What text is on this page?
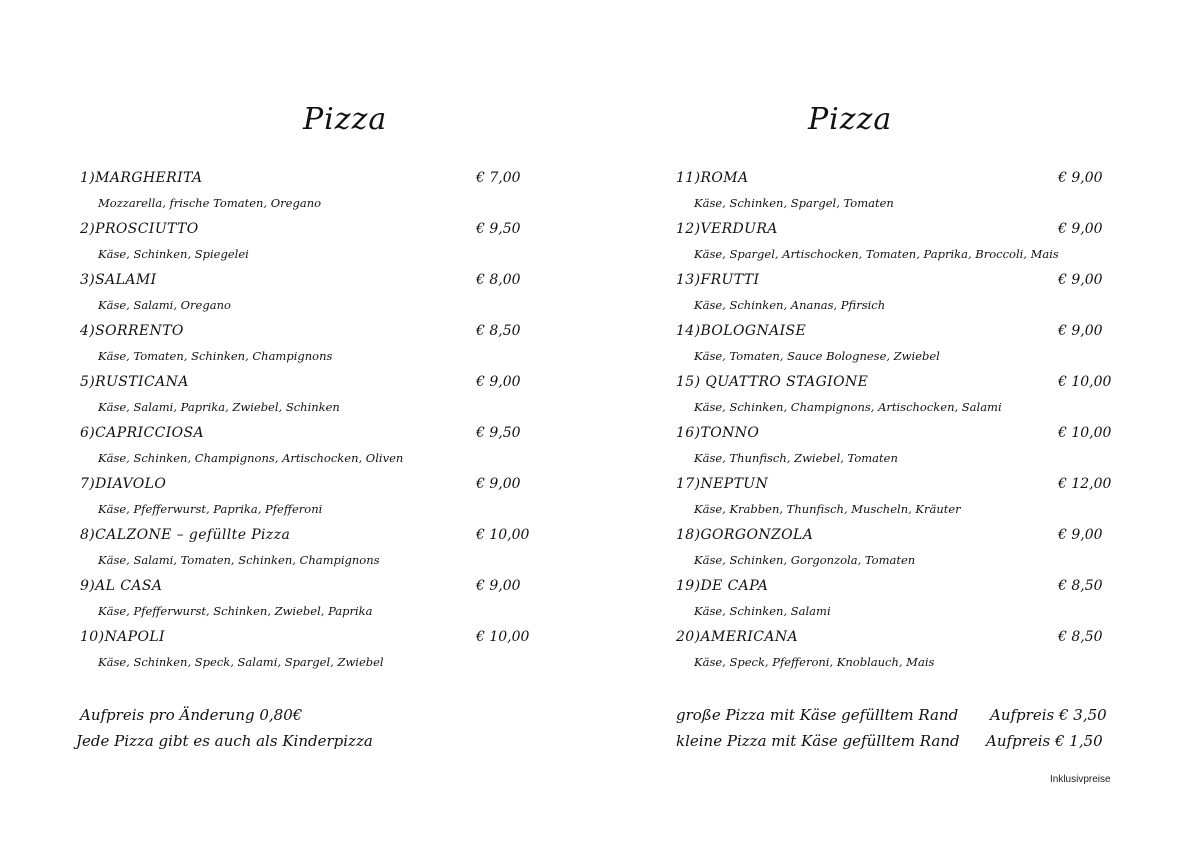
Pizza
1)MARGHERITA
Mozzarella, frische Tomaten, Oregano
€ 7,00
2)PROSCIUTTO
Käse, Schinken, Spiegelei
€ 9,50
3)SALAMI
Käse, Salami, Oregano
€ 8,00
4)SORRENTO
Käse, Tomaten, Schinken, Champignons
€ 8,50
5)RUSTICANA
Käse, Salami, Paprika, Zwiebel, Schinken
€ 9,00
6)CAPRICCIOSA
Käse, Schinken, Champignons, Artischocken, Oliven
€ 9,50
7)DIAVOLO
Käse, Pfefferwurst, Paprika, Pfefferoni
€ 9,00
8)CALZONE – gefüllte Pizza
Käse, Salami, Tomaten, Schinken, Champignons
€ 10,00
9)AL CASA
Käse, Pfefferwurst, Schinken, Zwiebel, Paprika
€ 9,00
10)NAPOLI
Käse, Schinken, Speck, Salami, Spargel, Zwiebel
€ 10,00
Aufpreis pro Änderung 0,80€
Jede Pizza gibt es auch als Kinderpizza
Pizza
11)ROMA
Käse, Schinken, Spargel, Tomaten
€ 9,00
12)VERDURA
Käse, Spargel, Artischocken, Tomaten, Paprika, Broccoli, Mais
€ 9,00
13)FRUTTI
Käse, Schinken, Ananas, Pfirsich
€ 9,00
14)BOLOGNAISE
Käse, Tomaten, Sauce Bolognese, Zwiebel
€ 9,00
15) QUATTRO STAGIONE
Käse, Schinken, Champignons, Artischocken, Salami
€ 10,00
16)TONNO
Käse, Thunfisch, Zwiebel, Tomaten
€ 10,00
17)NEPTUN
Käse, Krabben, Thunfisch, Muscheln, Kräuter
€ 12,00
18)GORGONZOLA
Käse, Schinken, Gorgonzola, Tomaten
€ 9,00
19)DE CAPA
Käse, Schinken, Salami
€ 8,50
20)AMERICANA
Käse, Speck, Pfefferoni, Knoblauch, Mais
€ 8,50
große Pizza mit Käse gefülltem Rand Aufpreis € 3,50
kleine Pizza mit Käse gefülltem Rand Aufpreis € 1,50
Inklusivpreise
